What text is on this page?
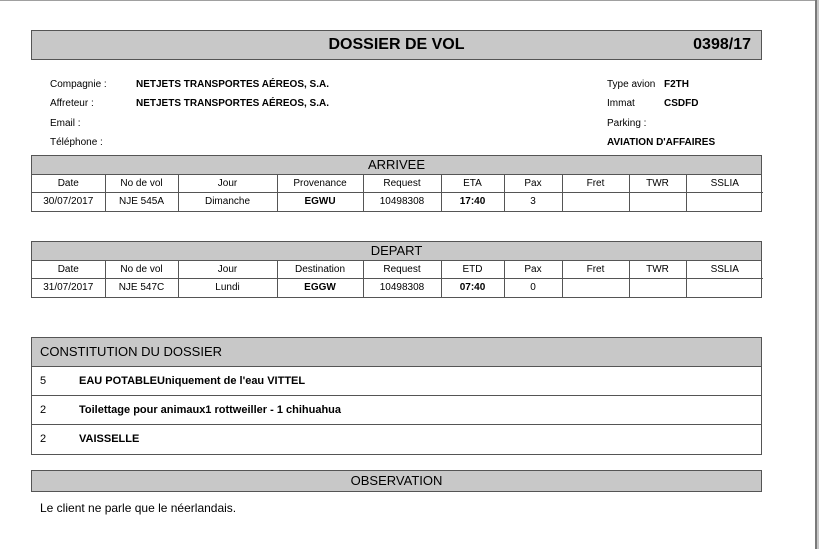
DOSSIER DE VOL	0398/17
Compagnie :	NETJETS TRANSPORTES AÉREOS, S.A.
Affreteur :	NETJETS TRANSPORTES AÉREOS, S.A.
Email :
Téléphone :
Type avion F2TH
Immat	CSDFD
Parking :
AVIATION D'AFFAIRES
ARRIVEE
Date	No de vol	Jour	Provenance	Request	ETA	Pax	Fret	TWR	SSLIA
30/07/2017	NJE 545A	Dimanche	EGWU	10498308	17:40	3			
DEPART
Date	No de vol	Jour	Destination	Request	ETD	Pax	Fret	TWR	SSLIA
31/07/2017	NJE 547C	Lundi	EGGW	10498308	07:40	0			
CONSTITUTION DU DOSSIER
5	EAU POTABLEUniquement de l'eau VITTEL
2	Toilettage pour animaux1 rottweiller - 1 chihuahua
2	VAISSELLE
OBSERVATION
Le client ne parle que le néerlandais.
